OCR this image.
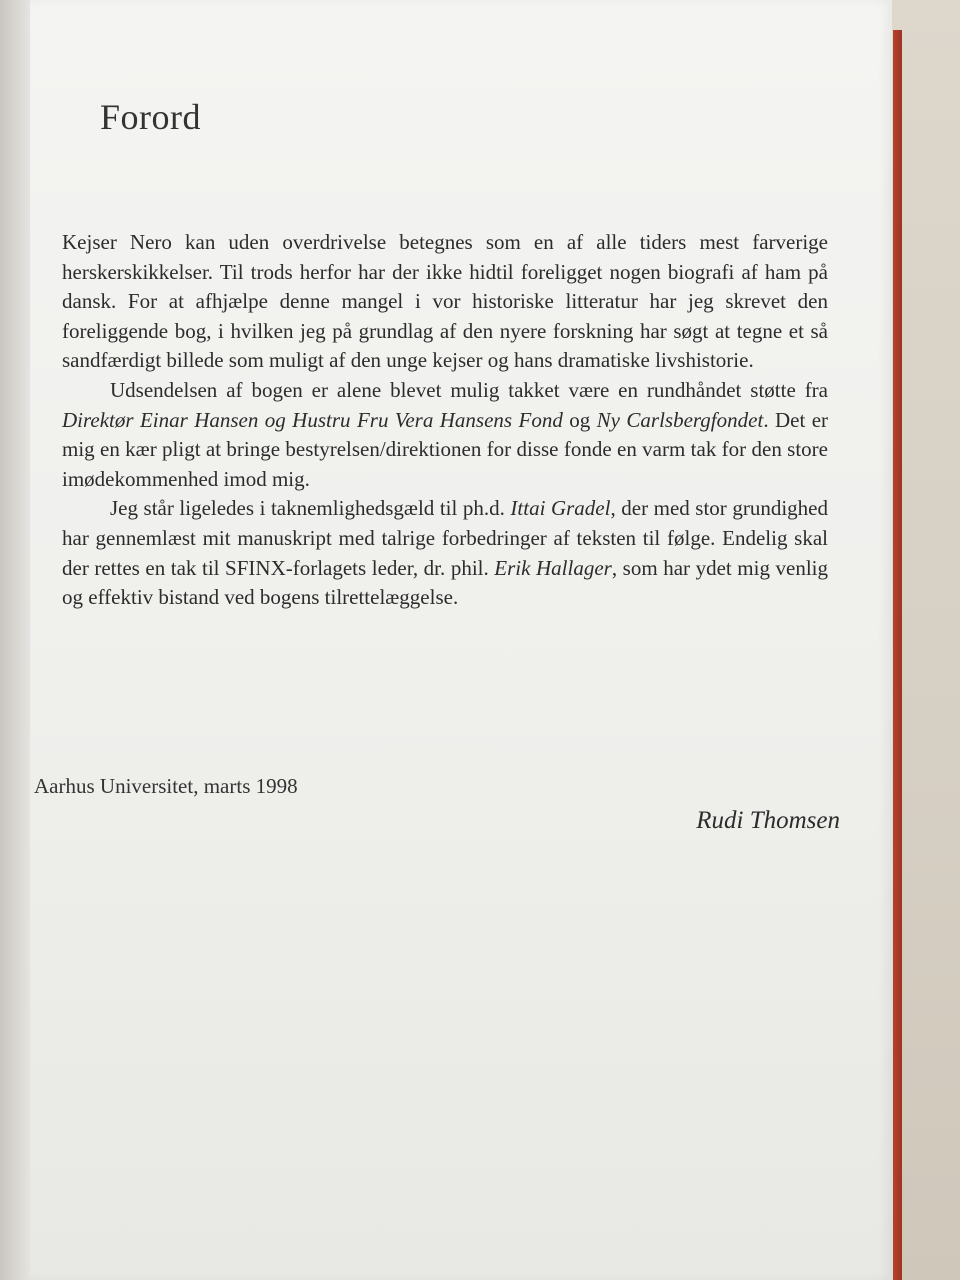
Forord

Kejser Nero kan uden overdrivelse betegnes som en af alle tiders mest farverige herskerskikkelser. Til trods herfor har der ikke hidtil foreligget nogen biografi af ham på dansk. For at afhjælpe denne mangel i vor historiske litteratur har jeg skrevet den foreliggende bog, i hvilken jeg på grundlag af den nyere forskning har søgt at tegne et så sandfærdigt billede som muligt af den unge kejser og hans dramatiske livshistorie.

Udsendelsen af bogen er alene blevet mulig takket være en rundhåndet støtte fra Direktør Einar Hansen og Hustru Fru Vera Hansens Fond og Ny Carlsbergfondet. Det er mig en kær pligt at bringe bestyrelsen/direktionen for disse fonde en varm tak for den store imødekommenhed imod mig.

Jeg står ligeledes i taknemlighedsgæld til ph.d. Ittai Gradel, der med stor grundighed har gennemlæst mit manuskript med talrige forbedringer af teksten til følge. Endelig skal der rettes en tak til SFINX-forlagets leder, dr. phil. Erik Hallager, som har ydet mig venlig og effektiv bistand ved bogens tilrettelæggelse.

Aarhus Universitet, marts 1998
Rudi Thomsen
